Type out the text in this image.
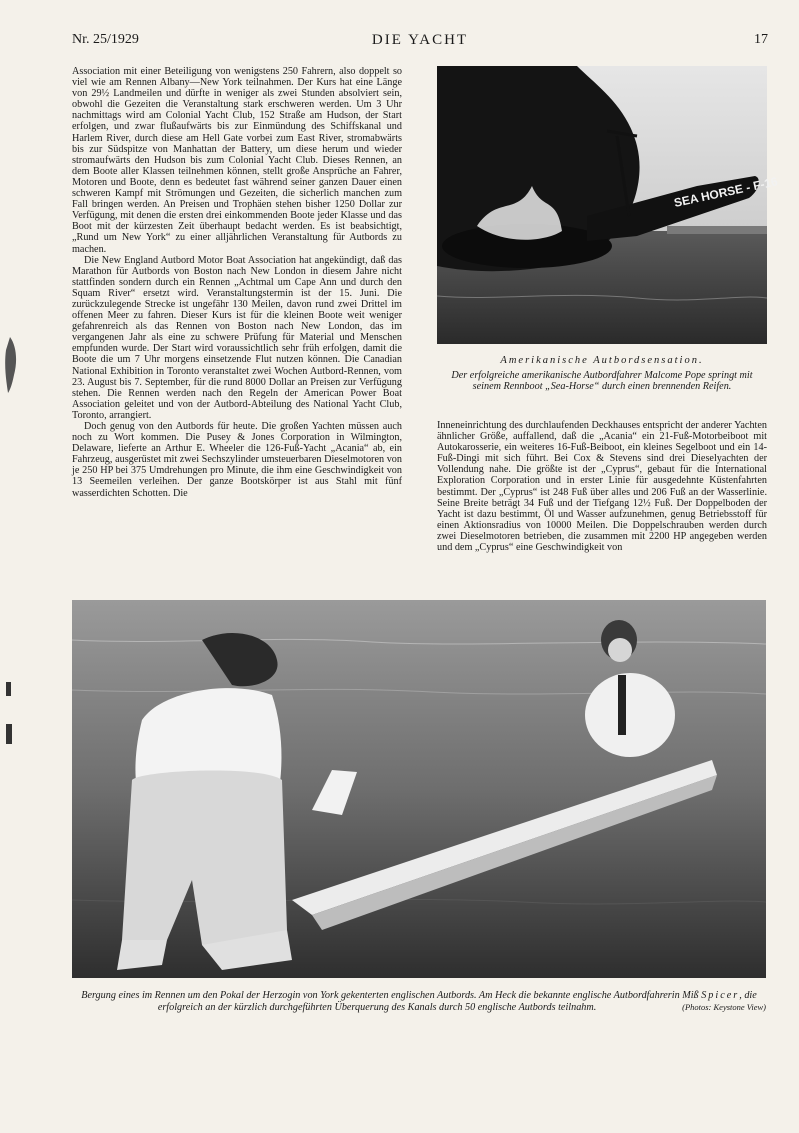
Nr. 25/1929	DIE YACHT	17

Association mit einer Beteiligung von wenigstens 250 Fahrern, also doppelt so viel wie am Rennen Albany—New York teilnahmen. Der Kurs hat eine Länge von 29½ Landmeilen und dürfte in weniger als zwei Stunden absolviert sein, obwohl die Gezeiten die Veranstaltung stark erschweren werden. Um 3 Uhr nachmittags wird am Colonial Yacht Club, 152 Straße am Hudson, der Start erfolgen, und zwar flußaufwärts bis zur Einmündung des Schiffskanal und Harlem River, durch diese am Hell Gate vorbei zum East River, stromabwärts bis zur Südspitze von Manhattan der Battery, um diese herum und wieder stromaufwärts den Hudson bis zum Colonial Yacht Club. Dieses Rennen, an dem Boote aller Klassen teilnehmen können, stellt große Ansprüche an Fahrer, Motoren und Boote, denn es bedeutet fast während seiner ganzen Dauer einen schweren Kampf mit Strömungen und Gezeiten, die sicherlich manchen zum Fall bringen werden. An Preisen und Trophäen stehen bisher 1250 Dollar zur Verfügung, mit denen die ersten drei einkommenden Boote jeder Klasse und das Boot mit der kürzesten Zeit überhaupt bedacht werden. Es ist beabsichtigt, „Rund um New York“ zu einer alljährlichen Veranstaltung für Autbords zu machen.

Die New England Autbord Motor Boat Association hat angekündigt, daß das Marathon für Autbords von Boston nach New London in diesem Jahre nicht stattfinden sondern durch ein Rennen „Achtmal um Cape Ann und durch den Squam River“ ersetzt wird. Veranstaltungstermin ist der 15. Juni. Die zurückzulegende Strecke ist ungefähr 130 Meilen, davon rund zwei Drittel im offenen Meer zu fahren. Dieser Kurs ist für die kleinen Boote weit weniger gefahrenreich als das Rennen von Boston nach New London, das im vergangenen Jahr als eine zu schwere Prüfung für Material und Menschen empfunden wurde. Der Start wird voraussichtlich sehr früh erfolgen, damit die Boote die um 7 Uhr morgens einsetzende Flut nutzen können. Die Canadian National Exhibition in Toronto veranstaltet zwei Wochen Autbord-Rennen, vom 23. August bis 7. September, für die rund 8000 Dollar an Preisen zur Verfügung stehen. Die Rennen werden nach den Regeln der American Power Boat Association geleitet und von der Autbord-Abteilung des National Yacht Club, Toronto, arrangiert.

Doch genug von den Autbords für heute. Die großen Yachten müssen auch noch zu Wort kommen. Die Pusey & Jones Corporation in Wilmington, Delaware, lieferte an Arthur E. Wheeler die 126-Fuß-Yacht „Acania“ ab, ein Fahrzeug, ausgerüstet mit zwei Sechszylinder umsteuerbaren Dieselmotoren von je 250 HP bei 375 Umdrehungen pro Minute, die ihm eine Geschwindigkeit von 13 Seemeilen verleihen. Der ganze Bootskörper ist aus Stahl mit fünf wasserdichten Schotten. Die

SEA HORSE - F-16
Amerikanische Autbordsensation.
Der erfolgreiche amerikanische Autbordfahrer Malcome Pope springt mit seinem Rennboot „Sea-Horse“ durch einen brennenden Reifen.

Inneneinrichtung des durchlaufenden Deckhauses entspricht der anderer Yachten ähnlicher Größe, auffallend, daß die „Acania“ ein 21-Fuß-Motorbeiboot mit Autokarosserie, ein weiteres 16-Fuß-Beiboot, ein kleines Segelboot und ein 14-Fuß-Dingi mit sich führt. Bei Cox & Stevens sind drei Dieselyachten der Vollendung nahe. Die größte ist der „Cyprus“, gebaut für die International Exploration Corporation und in erster Linie für ausgedehnte Küstenfahrten bestimmt. Der „Cyprus“ ist 248 Fuß über alles und 206 Fuß an der Wasserlinie. Seine Breite beträgt 34 Fuß und der Tiefgang 12½ Fuß. Der Doppelboden der Yacht ist dazu bestimmt, Öl und Wasser aufzunehmen, genug Betriebsstoff für einen Aktionsradius von 10000 Meilen. Die Doppelschrauben werden durch zwei Dieselmotoren betrieben, die zusammen mit 2200 HP angegeben werden und dem „Cyprus“ eine Geschwindigkeit von

Bergung eines im Rennen um den Pokal der Herzogin von York gekenterten englischen Autbords. Am Heck die bekannte englische Autbordfahrerin Miß Spicer, die erfolgreich an der kürzlich durchgeführten Überquerung des Kanals durch 50 englische Autbords teilnahm.	(Photos: Keystone View)
